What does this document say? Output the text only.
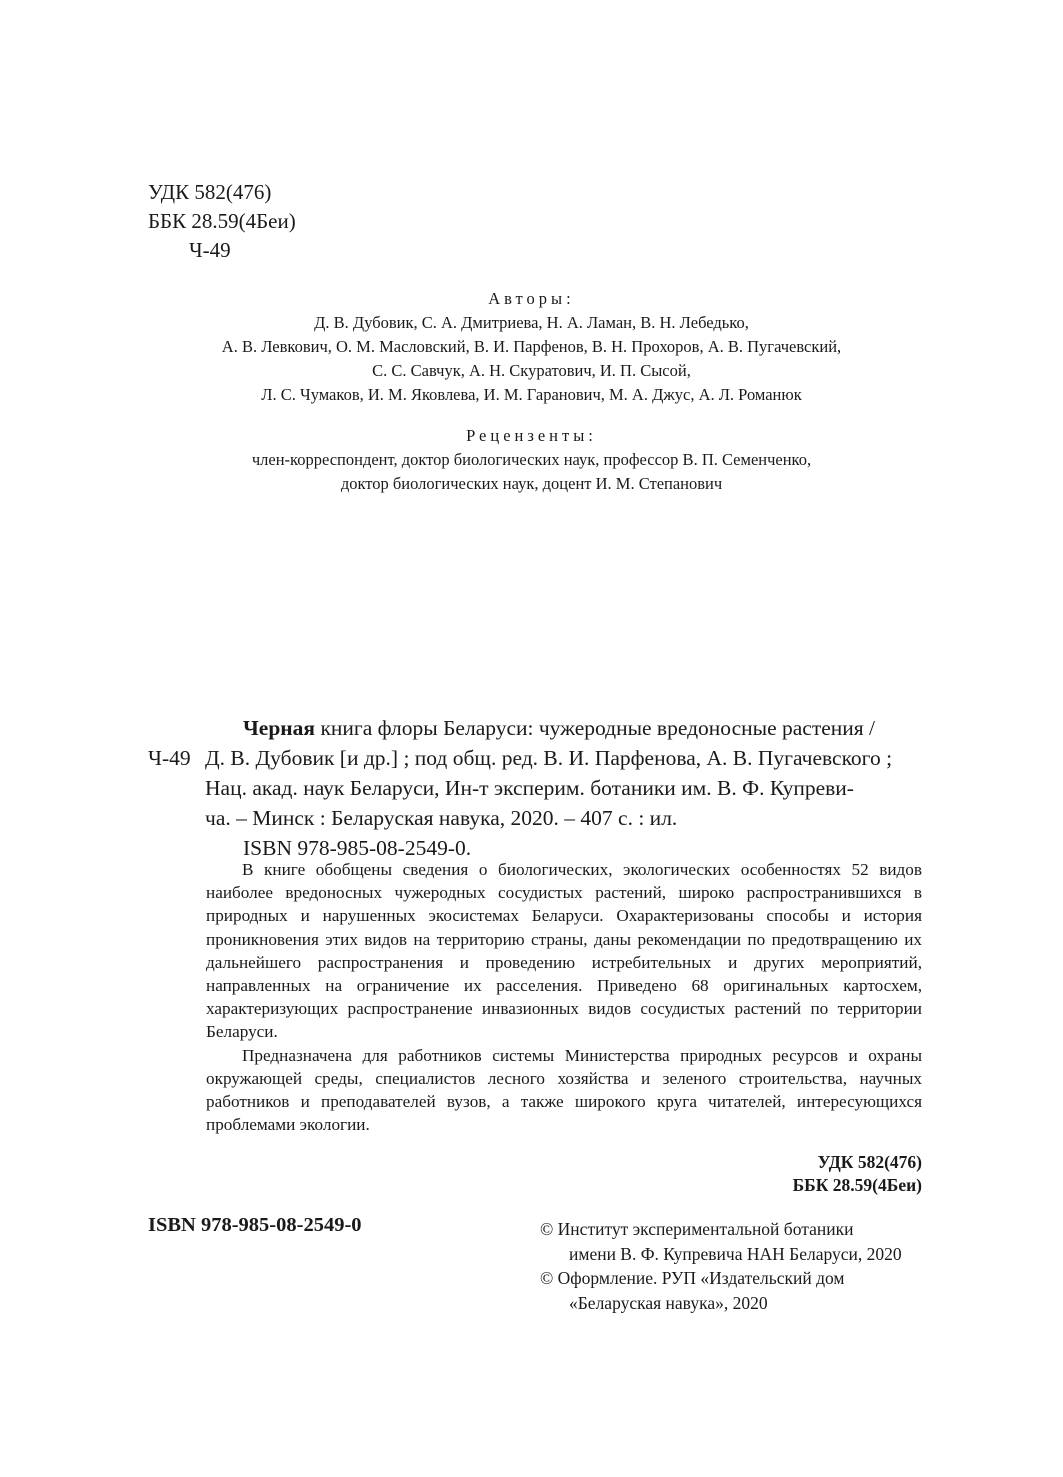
УДК 582(476)
ББК 28.59(4Беи)
Ч-49
Авторы:
Д. В. Дубовик, С. А. Дмитриева, Н. А. Ламан, В. Н. Лебедько,
А. В. Левкович, О. М. Масловский, В. И. Парфенов, В. Н. Прохоров, А. В. Пугачевский,
С. С. Савчук, А. Н. Скуратович, И. П. Сысой,
Л. С. Чумаков, И. М. Яковлева, И. М. Гаранович, М. А. Джус, А. Л. Романюк
Рецензенты:
член-корреспондент, доктор биологических наук, профессор В. П. Семенченко,
доктор биологических наук, доцент И. М. Степанович
Черная книга флоры Беларуси: чужеродные вредоносные растения /
Ч-49 Д. В. Дубовик [и др.] ; под общ. ред. В. И. Парфенова, А. В. Пугачевского ;
Нац. акад. наук Беларуси, Ин-т эксперим. ботаники им. В. Ф. Купреви-
ча. – Минск : Беларуская навука, 2020. – 407 с. : ил.
ISBN 978-985-08-2549-0.

В книге обобщены сведения о биологических, экологических особенностях 52 видов наиболее вредоносных чужеродных сосудистых растений, широко распространившихся в природных и нарушенных экосистемах Беларуси. Охарактеризованы способы и история проникновения этих видов на территорию страны, даны рекомендации по предотвращению их дальнейшего распространения и проведению истребительных и других мероприятий, направленных на ограничение их расселения. Приведено 68 оригинальных картосхем, характеризующих распространение инвазионных видов сосудистых растений по территории Беларуси.

Предназначена для работников системы Министерства природных ресурсов и охраны окружающей среды, специалистов лесного хозяйства и зеленого строительства, научных работников и преподавателей вузов, а также широкого круга читателей, интересующихся проблемами экологии.

УДК 582(476)
ББК 28.59(4Беи)
ISBN 978-985-08-2549-0	© Институт экспериментальной ботаники
имени В. Ф. Купревича НАН Беларуси, 2020
© Оформление. РУП «Издательский дом
«Беларуская навука», 2020
